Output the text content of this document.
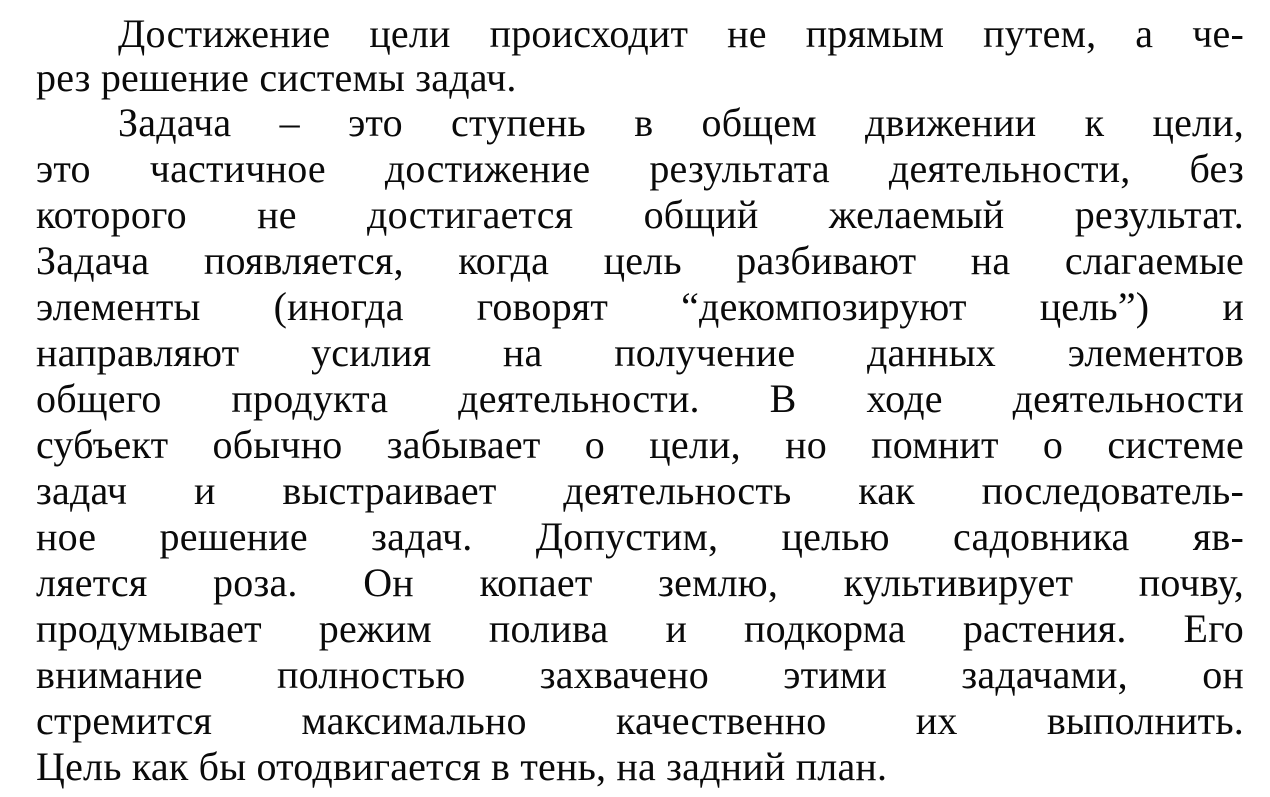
Достижение цели происходит не прямым путем, а че-
рез решение системы задач.
Задача – это ступень в общем движении к цели,
это частичное достижение результата деятельности, без
которого не достигается общий желаемый результат.
Задача появляется, когда цель разбивают на слагаемые
элементы (иногда говорят “декомпозируют цель”) и
направляют усилия на получение данных элементов
общего продукта деятельности. В ходе деятельности
субъект обычно забывает о цели, но помнит о системе
задач и выстраивает деятельность как последователь-
ное решение задач. Допустим, целью садовника яв-
ляется роза. Он копает землю, культивирует почву,
продумывает режим полива и подкорма растения. Его
внимание полностью захвачено этими задачами, он
стремится максимально качественно их выполнить.
Цель как бы отодвигается в тень, на задний план.
